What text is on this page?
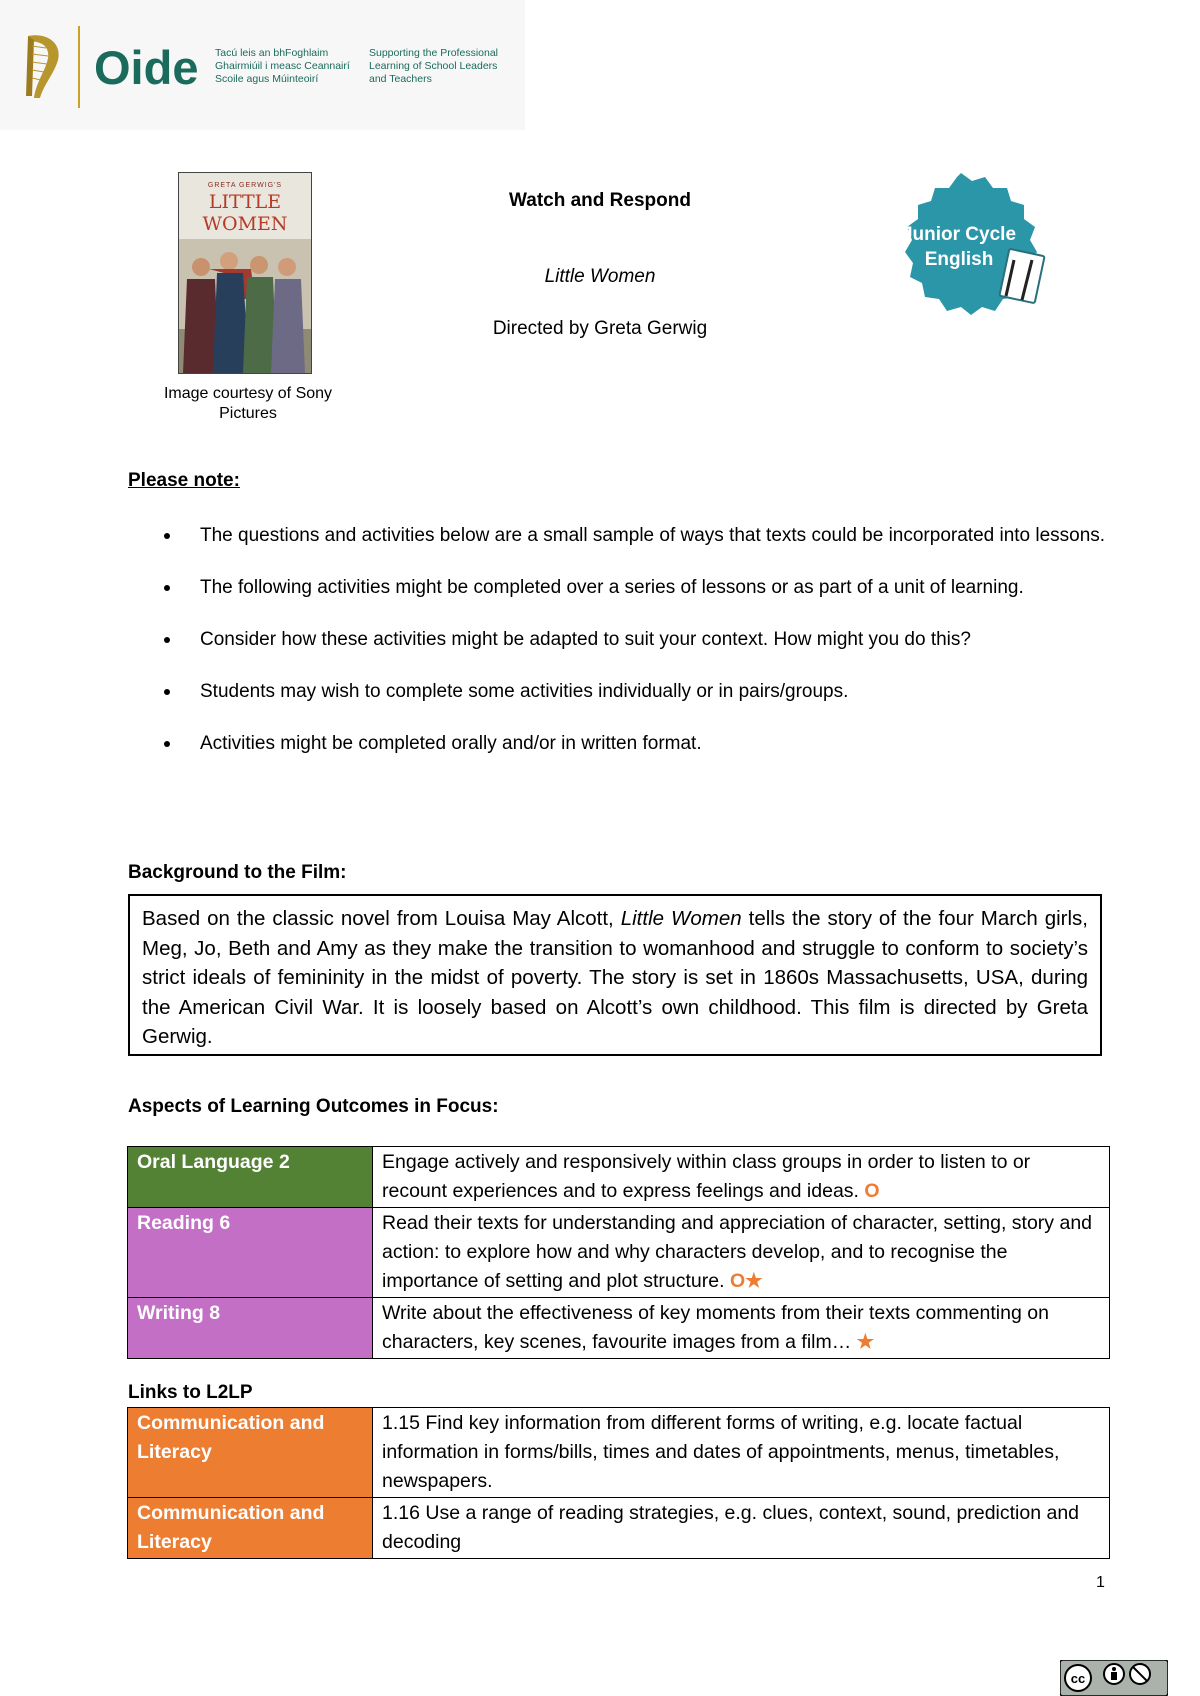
Oide Tacú leis an bhFoghlaim
Ghairmiúil i measc Ceannairí
Scoile agus Múinteoirí
Supporting the Professional
Learning of School Leaders
and Teachers
GRETA GERWIG'S
LITTLE
WOMEN
Image courtesy of Sony Pictures
Watch and Respond
Little Women
Directed by Greta Gerwig
Junior Cycle
English
Please note:
The questions and activities below are a small sample of ways that texts could be incorporated into lessons.
The following activities might be completed over a series of lessons or as part of a unit of learning.
Consider how these activities might be adapted to suit your context. How might you do this?
Students may wish to complete some activities individually or in pairs/groups.
Activities might be completed orally and/or in written format.
Background to the Film:

Based on the classic novel from Louisa May Alcott, Little Women tells the story of the four March girls, Meg, Jo, Beth and Amy as they make the transition to womanhood and struggle to conform to society’s strict ideals of femininity in the midst of poverty. The story is set in 1860s Massachusetts, USA, during the American Civil War. It is loosely based on Alcott’s own childhood. This film is directed by Greta Gerwig.

Aspects of Learning Outcomes in Focus:
Oral Language 2	Engage actively and responsively within class groups in order to listen to or recount experiences and to express feelings and ideas. O
Reading 6	Read their texts for understanding and appreciation of character, setting, story and action: to explore how and why characters develop, and to recognise the importance of setting and plot structure. O★
Writing 8	Write about the effectiveness of key moments from their texts commenting on characters, key scenes, favourite images from a film… ★
Links to L2LP
Communication and Literacy	1.15 Find key information from different forms of writing, e.g. locate factual information in forms/bills, times and dates of appointments, menus, timetables, newspapers.
Communication and Literacy	1.16 Use a range of reading strategies, e.g. clues, context, sound, prediction and decoding
1
cc
